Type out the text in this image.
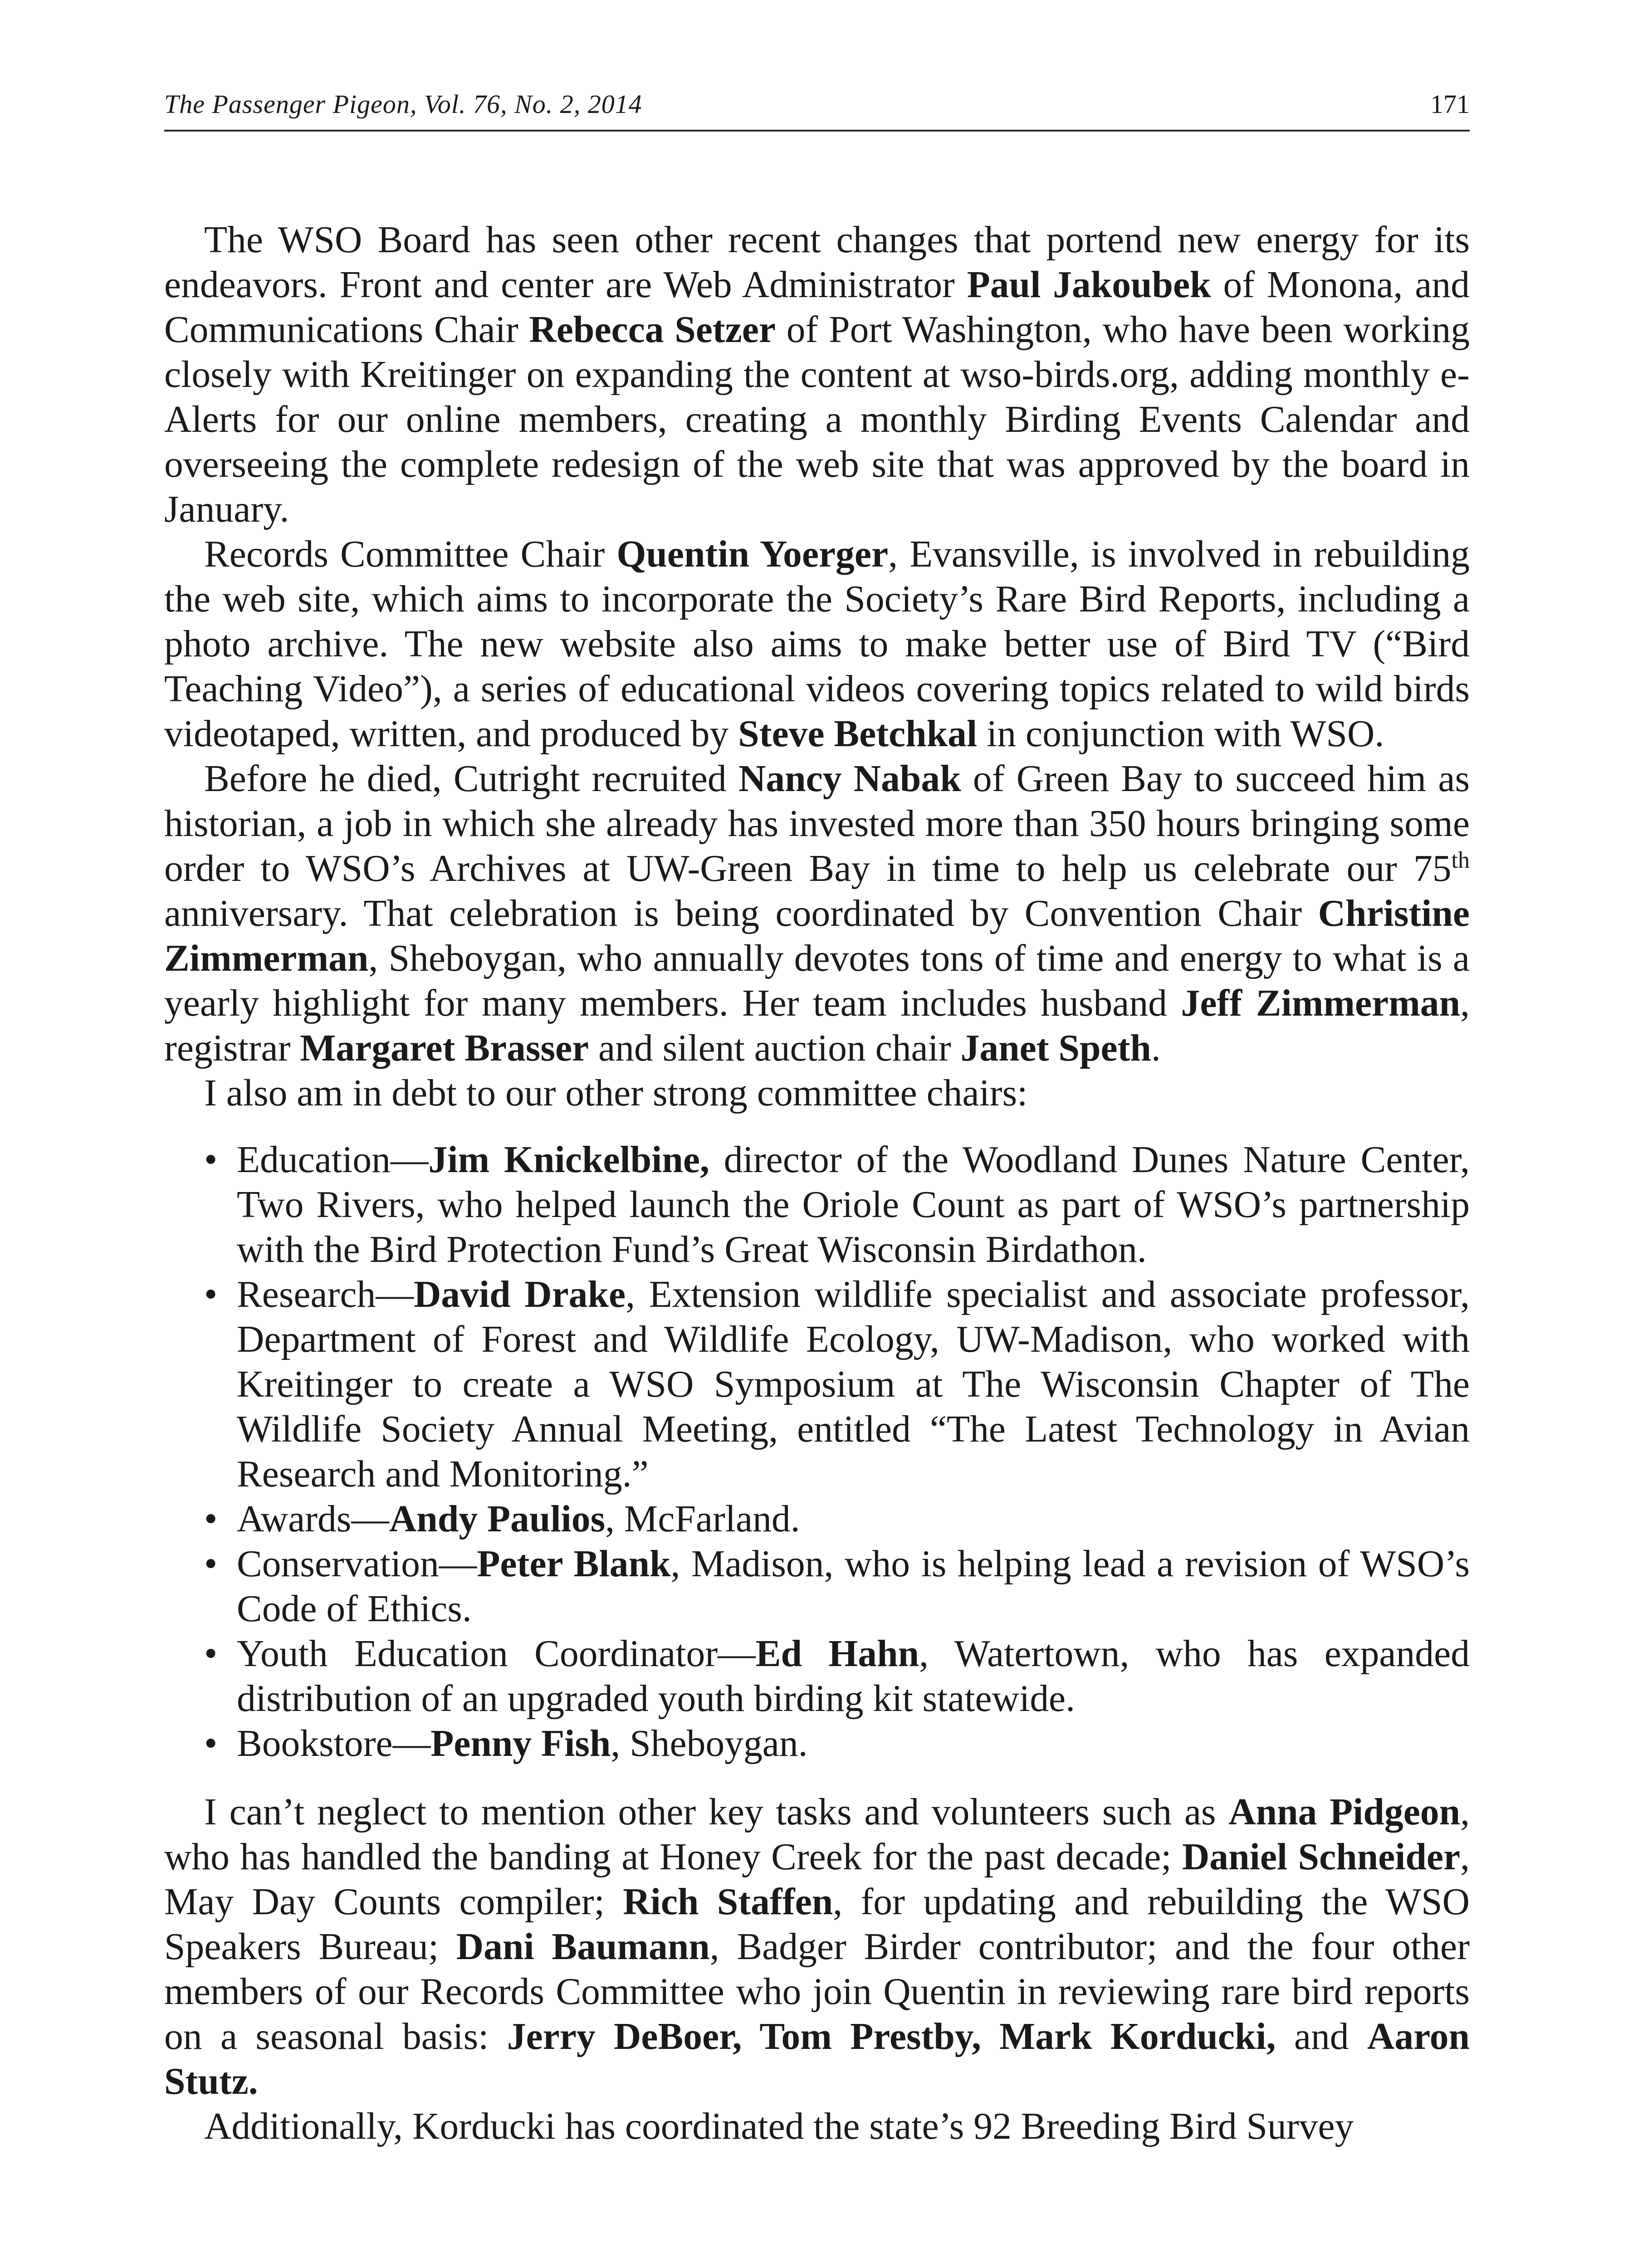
The Passenger Pigeon, Vol. 76, No. 2, 2014	171

The WSO Board has seen other recent changes that portend new energy for its endeavors. Front and center are Web Administrator Paul Jakoubek of Monona, and Communications Chair Rebecca Setzer of Port Washington, who have been working closely with Kreitinger on expanding the content at wso-birds.org, adding monthly e-Alerts for our online members, creating a monthly Birding Events Calendar and overseeing the complete redesign of the web site that was approved by the board in January.

Records Committee Chair Quentin Yoerger, Evansville, is involved in rebuilding the web site, which aims to incorporate the Society’s Rare Bird Reports, including a photo archive. The new website also aims to make better use of Bird TV (“Bird Teaching Video”), a series of educational videos covering topics related to wild birds videotaped, written, and produced by Steve Betchkal in conjunction with WSO.

Before he died, Cutright recruited Nancy Nabak of Green Bay to succeed him as historian, a job in which she already has invested more than 350 hours bringing some order to WSO’s Archives at UW-Green Bay in time to help us celebrate our 75th anniversary. That celebration is being coordinated by Convention Chair Christine Zimmerman, Sheboygan, who annually devotes tons of time and energy to what is a yearly highlight for many members. Her team includes husband Jeff Zimmerman, registrar Margaret Brasser and silent auction chair Janet Speth.

I also am in debt to our other strong committee chairs:

• Education—Jim Knickelbine, director of the Woodland Dunes Nature Center, Two Rivers, who helped launch the Oriole Count as part of WSO’s partnership with the Bird Protection Fund’s Great Wisconsin Birdathon.
• Research—David Drake, Extension wildlife specialist and associate professor, Department of Forest and Wildlife Ecology, UW-Madison, who worked with Kreitinger to create a WSO Symposium at The Wisconsin Chapter of The Wildlife Society Annual Meeting, entitled “The Latest Technology in Avian Research and Monitoring.”
• Awards—Andy Paulios, McFarland.
• Conservation—Peter Blank, Madison, who is helping lead a revision of WSO’s Code of Ethics.
• Youth Education Coordinator—Ed Hahn, Watertown, who has expanded distribution of an upgraded youth birding kit statewide.
• Bookstore—Penny Fish, Sheboygan.

I can’t neglect to mention other key tasks and volunteers such as Anna Pidgeon, who has handled the banding at Honey Creek for the past decade; Daniel Schneider, May Day Counts compiler; Rich Staffen, for updating and rebuilding the WSO Speakers Bureau; Dani Baumann, Badger Birder contributor; and the four other members of our Records Committee who join Quentin in reviewing rare bird reports on a seasonal basis: Jerry DeBoer, Tom Prestby, Mark Korducki, and Aaron Stutz.

Additionally, Korducki has coordinated the state’s 92 Breeding Bird Survey
